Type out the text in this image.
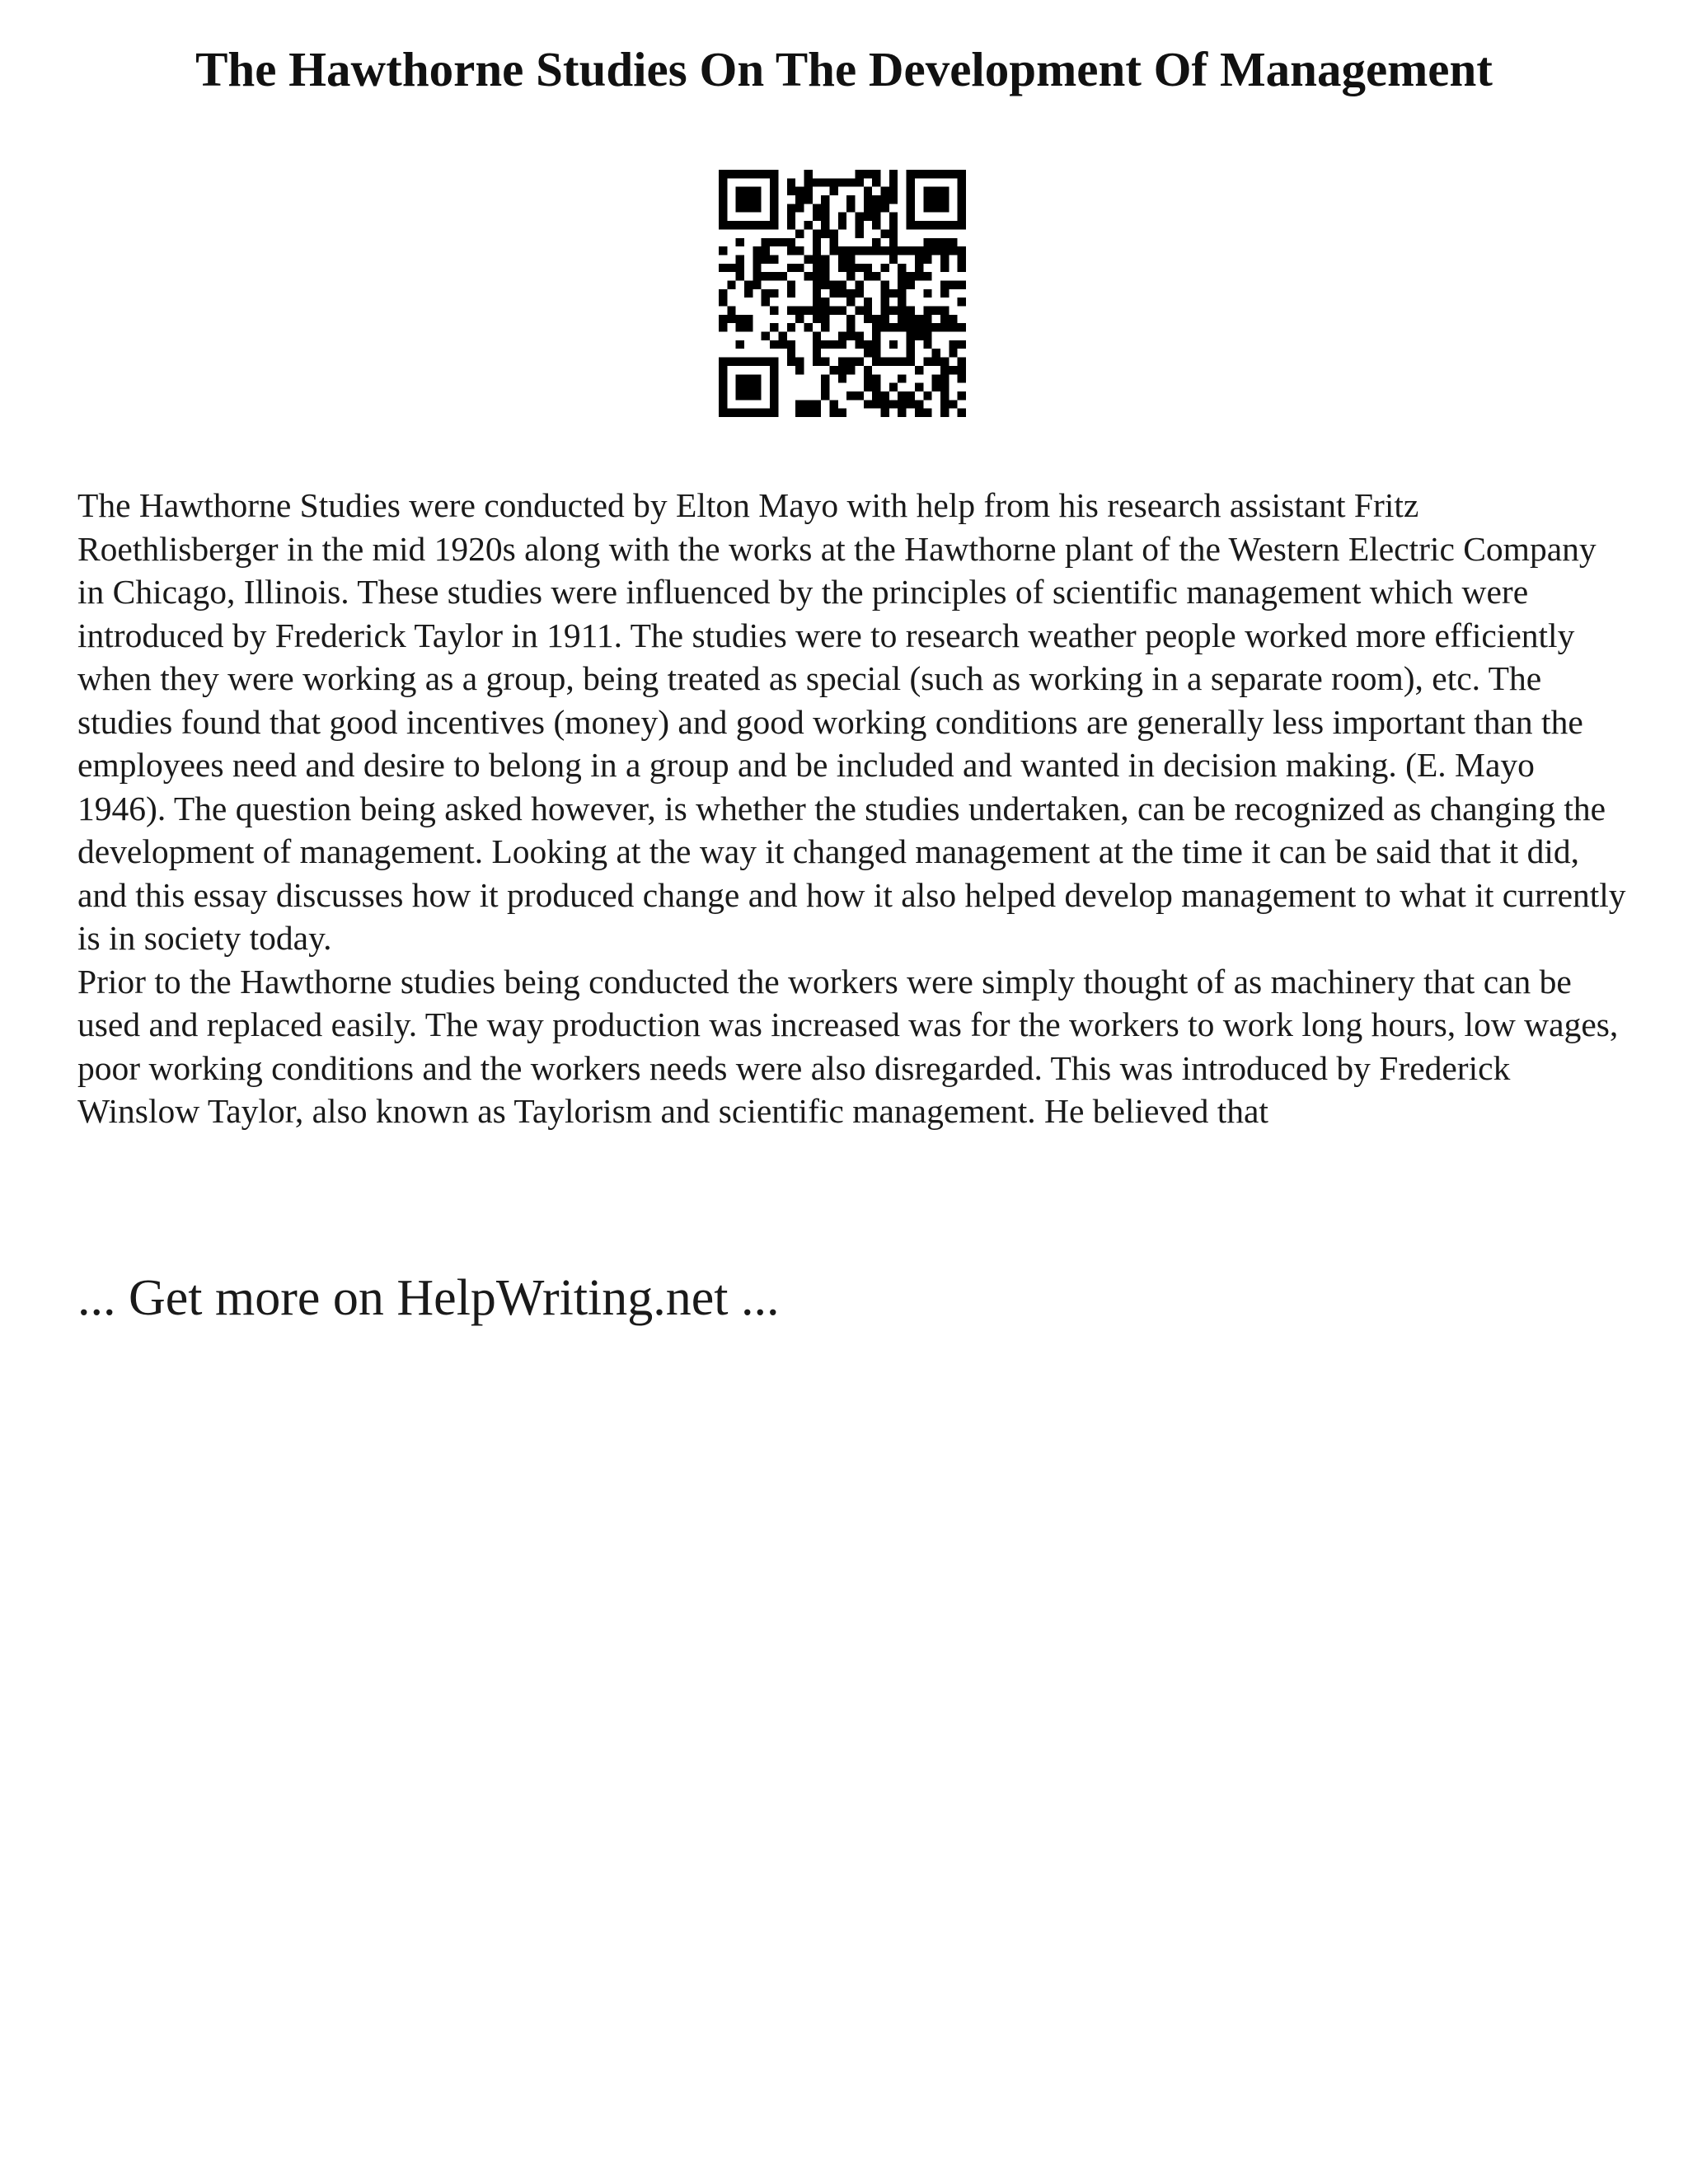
The Hawthorne Studies On The Development Of Management

The Hawthorne Studies were conducted by Elton Mayo with help from his research assistant Fritz Roethlisberger in the mid 1920s along with the works at the Hawthorne plant of the Western Electric Company in Chicago, Illinois. These studies were influenced by the principles of scientific management which were introduced by Frederick Taylor in 1911. The studies were to research weather people worked more efficiently when they were working as a group, being treated as special (such as working in a separate room), etc. The studies found that good incentives (money) and good working conditions are generally less important than the employees need and desire to belong in a group and be included and wanted in decision making. (E. Mayo 1946). The question being asked however, is whether the studies undertaken, can be recognized as changing the development of management. Looking at the way it changed management at the time it can be said that it did, and this essay discusses how it produced change and how it also helped develop management to what it currently is in society today.

Prior to the Hawthorne studies being conducted the workers were simply thought of as machinery that can be used and replaced easily. The way production was increased was for the workers to work long hours, low wages, poor working conditions and the workers needs were also disregarded. This was introduced by Frederick Winslow Taylor, also known as Taylorism and scientific management. He believed that

... Get more on HelpWriting.net ...
